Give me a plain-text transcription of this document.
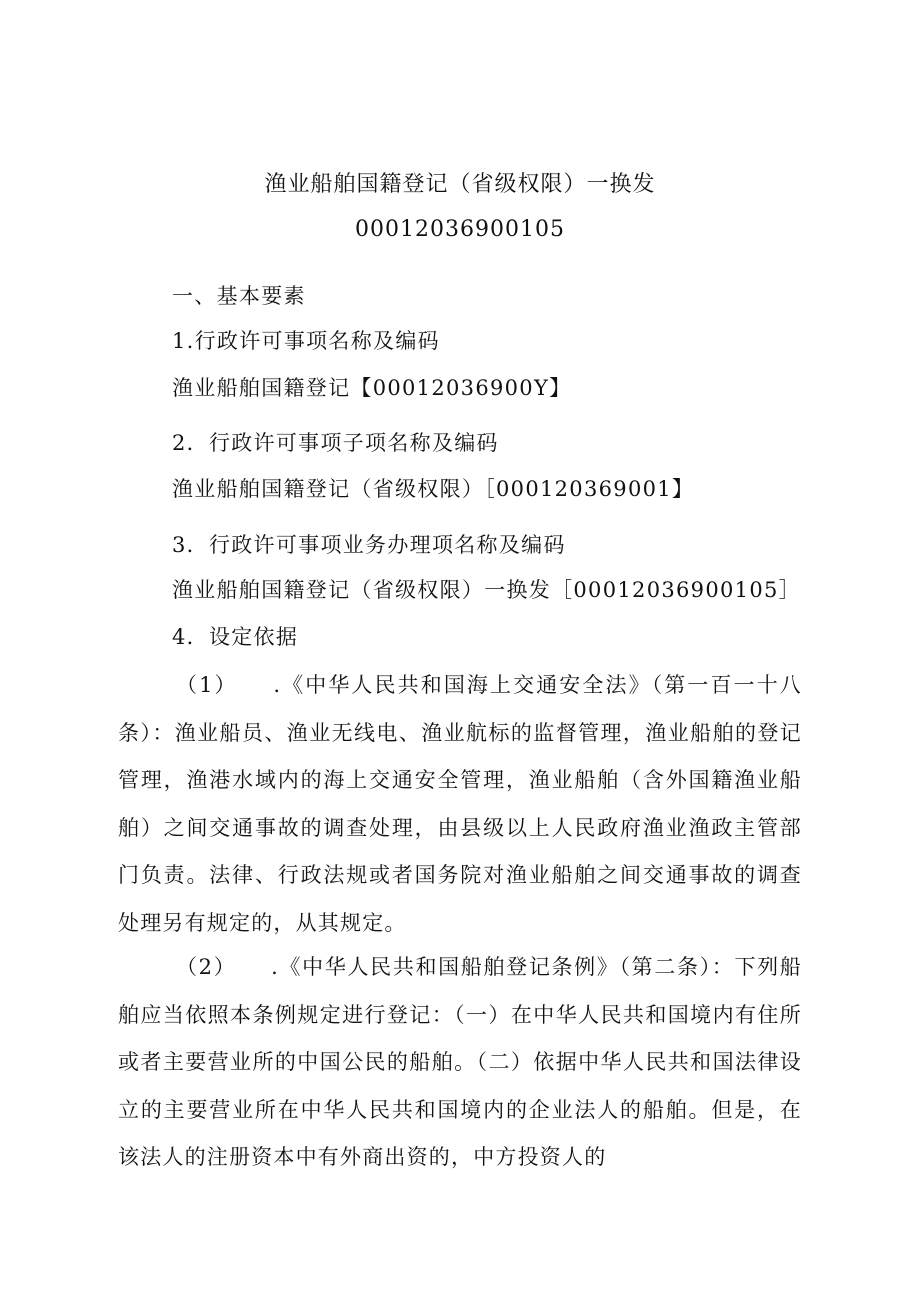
渔业船舶国籍登记（省级权限）一换发
00012036900105
一、基本要素
1.行政许可事项名称及编码
渔业船舶国籍登记【00012036900Y】
2．行政许可事项子项名称及编码
渔业船舶国籍登记（省级权限）［000120369001】
3．行政许可事项业务办理项名称及编码
渔业船舶国籍登记（省级权限）一换发［00012036900105］
4．设定依据

（1）　　.《中华人民共和国海上交通安全法》（第一百一十八条）：渔业船员、渔业无线电、渔业航标的监督管理，渔业船舶的登记管理，渔港水域内的海上交通安全管理，渔业船舶（含外国籍渔业船舶）之间交通事故的调查处理，由县级以上人民政府渔业渔政主管部门负责。法律、行政法规或者国务院对渔业船舶之间交通事故的调查处理另有规定的，从其规定。

（2）　　.《中华人民共和国船舶登记条例》（第二条）：下列船舶应当依照本条例规定进行登记：（一）在中华人民共和国境内有住所或者主要营业所的中国公民的船舶。（二）依据中华人民共和国法律设立的主要营业所在中华人民共和国境内的企业法人的船舶。但是，在该法人的注册资本中有外商出资的，中方投资人的
